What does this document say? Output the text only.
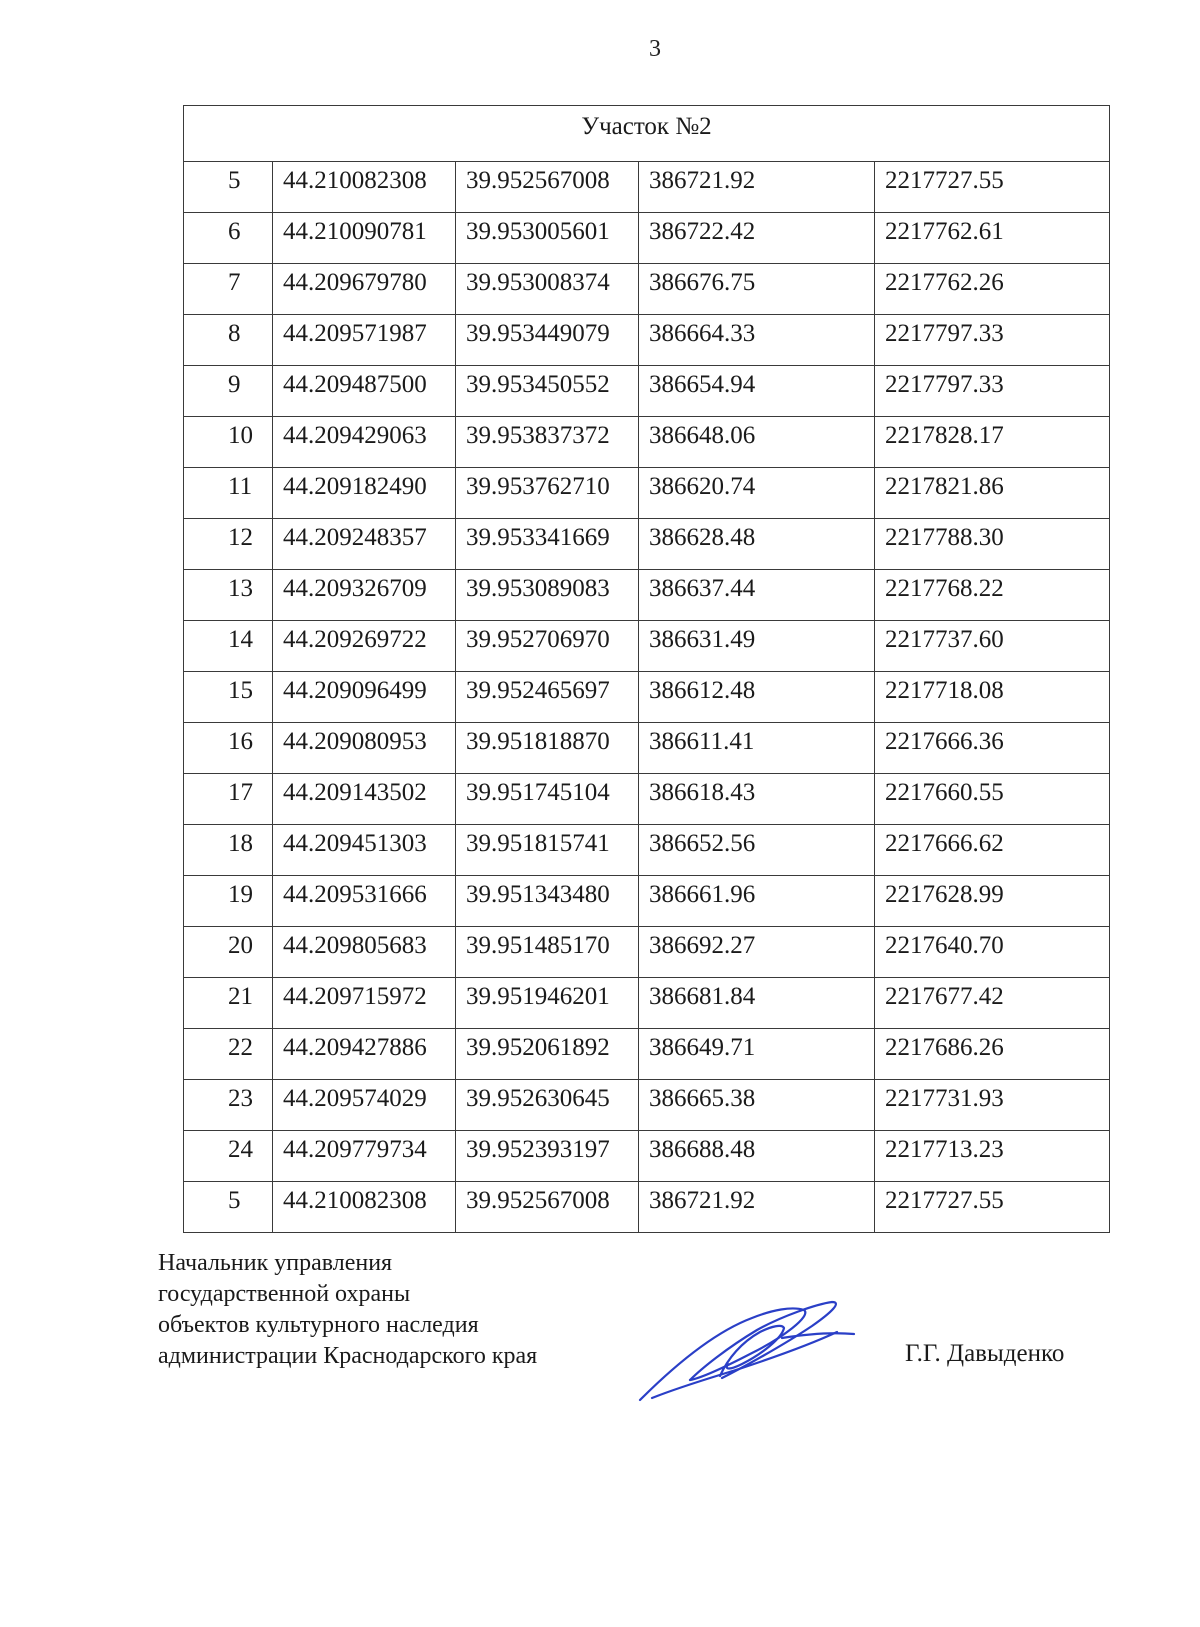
3
Участок №2				
5	44.210082308	39.952567008	386721.92	2217727.55
6	44.210090781	39.953005601	386722.42	2217762.61
7	44.209679780	39.953008374	386676.75	2217762.26
8	44.209571987	39.953449079	386664.33	2217797.33
9	44.209487500	39.953450552	386654.94	2217797.33
10	44.209429063	39.953837372	386648.06	2217828.17
11	44.209182490	39.953762710	386620.74	2217821.86
12	44.209248357	39.953341669	386628.48	2217788.30
13	44.209326709	39.953089083	386637.44	2217768.22
14	44.209269722	39.952706970	386631.49	2217737.60
15	44.209096499	39.952465697	386612.48	2217718.08
16	44.209080953	39.951818870	386611.41	2217666.36
17	44.209143502	39.951745104	386618.43	2217660.55
18	44.209451303	39.951815741	386652.56	2217666.62
19	44.209531666	39.951343480	386661.96	2217628.99
20	44.209805683	39.951485170	386692.27	2217640.70
21	44.209715972	39.951946201	386681.84	2217677.42
22	44.209427886	39.952061892	386649.71	2217686.26
23	44.209574029	39.952630645	386665.38	2217731.93
24	44.209779734	39.952393197	386688.48	2217713.23
5	44.210082308	39.952567008	386721.92	2217727.55
Начальник управления
государственной охраны
объектов культурного наследия
администрации Краснодарского края	Г.Г. Давыденко
